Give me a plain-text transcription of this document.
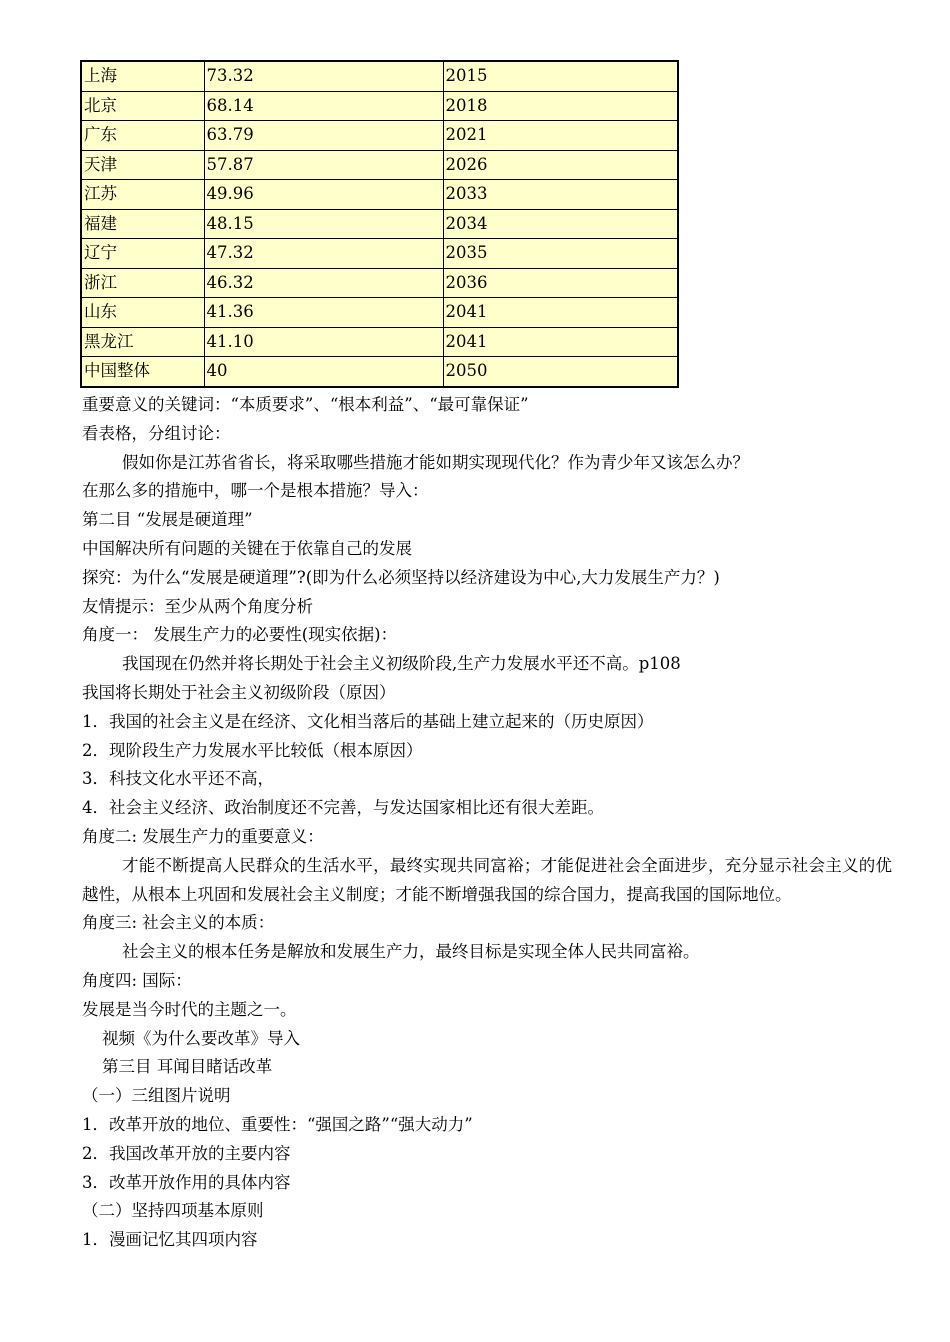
上海	73.32	2015
北京	68.14	2018
广东	63.79	2021
天津	57.87	2026
江苏	49.96	2033
福建	48.15	2034
辽宁	47.32	2035
浙江	46.32	2036
山东	41.36	2041
黑龙江	41.10	2041
中国整体	40	2050

重要意义的关键词：“本质要求”、“根本利益”、“最可靠保证”

看表格，分组讨论：

假如你是江苏省省长，将采取哪些措施才能如期实现现代化？作为青少年又该怎么办？

在那么多的措施中，哪一个是根本措施？导入：

第二目 “发展是硬道理”

中国解决所有问题的关键在于依靠自己的发展

探究：为什么“发展是硬道理”?(即为什么必须坚持以经济建设为中心,大力发展生产力？)

友情提示：至少从两个角度分析

角度一： 发展生产力的必要性(现实依据)：

我国现在仍然并将长期处于社会主义初级阶段,生产力发展水平还不高。p108

我国将长期处于社会主义初级阶段（原因）

1．我国的社会主义是在经济、文化相当落后的基础上建立起来的（历史原因）

2．现阶段生产力发展水平比较低（根本原因）

3．科技文化水平还不高，

4．社会主义经济、政治制度还不完善，与发达国家相比还有很大差距。

角度二: 发展生产力的重要意义：

才能不断提高人民群众的生活水平，最终实现共同富裕；才能促进社会全面进步，充分显示社会主义的优越性，从根本上巩固和发展社会主义制度；才能不断增强我国的综合国力，提高我国的国际地位。

角度三: 社会主义的本质：

社会主义的根本任务是解放和发展生产力，最终目标是实现全体人民共同富裕。

角度四: 国际：

发展是当今时代的主题之一。

视频《为什么要改革》导入

第三目 耳闻目睹话改革

（一）三组图片说明

1．改革开放的地位、重要性：“强国之路”“强大动力”

2．我国改革开放的主要内容

3．改革开放作用的具体内容

（二）坚持四项基本原则

1．漫画记忆其四项内容
